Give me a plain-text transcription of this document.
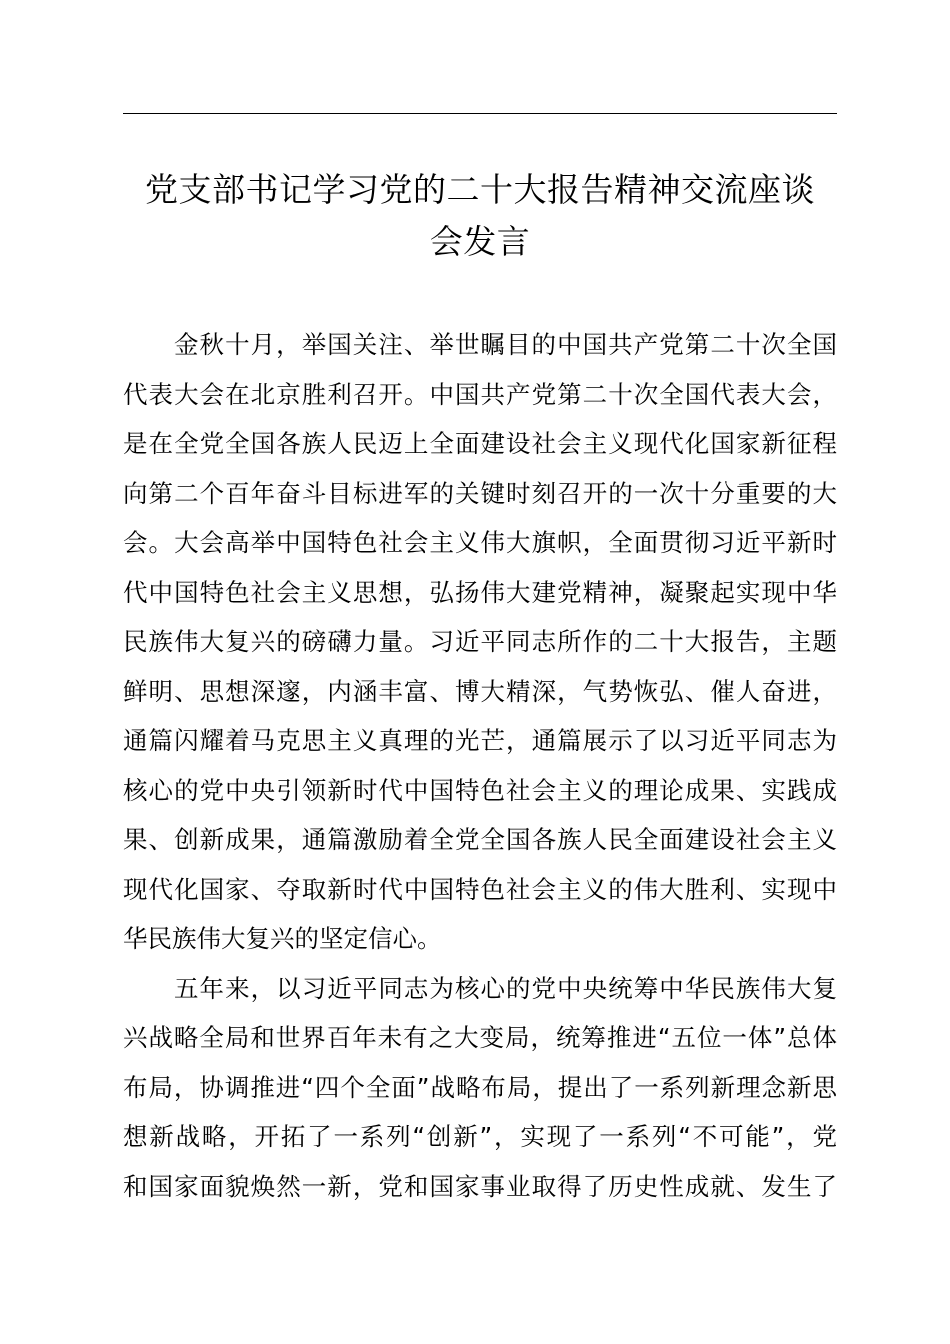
党支部书记学习党的二十大报告精神交流座谈
会发言

金秋十月，举国关注、举世瞩目的中国共产党第二十次全国
代表大会在北京胜利召开。中国共产党第二十次全国代表大会，
是在全党全国各族人民迈上全面建设社会主义现代化国家新征程
向第二个百年奋斗目标进军的关键时刻召开的一次十分重要的大
会。大会高举中国特色社会主义伟大旗帜，全面贯彻习近平新时
代中国特色社会主义思想，弘扬伟大建党精神，凝聚起实现中华
民族伟大复兴的磅礴力量。习近平同志所作的二十大报告，主题
鲜明、思想深邃，内涵丰富、博大精深，气势恢弘、催人奋进，
通篇闪耀着马克思主义真理的光芒，通篇展示了以习近平同志为
核心的党中央引领新时代中国特色社会主义的理论成果、实践成
果、创新成果，通篇激励着全党全国各族人民全面建设社会主义
现代化国家、夺取新时代中国特色社会主义的伟大胜利、实现中
华民族伟大复兴的坚定信心。

五年来，以习近平同志为核心的党中央统筹中华民族伟大复
兴战略全局和世界百年未有之大变局，统筹推进“五位一体”总体
布局，协调推进“四个全面”战略布局，提出了一系列新理念新思
想新战略，开拓了一系列“创新”，实现了一系列“不可能”，党
和国家面貌焕然一新，党和国家事业取得了历史性成就、发生了
